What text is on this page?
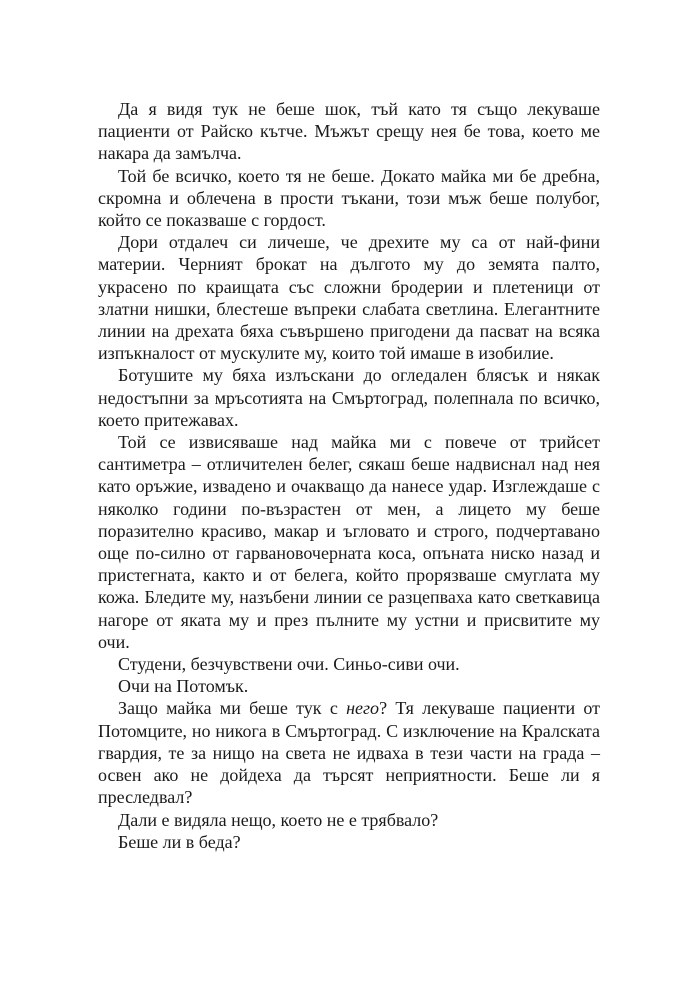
Да я видя тук не беше шок, тъй като тя също лекуваше пациенти от Райско кътче. Мъжът срещу нея бе това, което ме накара да замълча.

Той бе всичко, което тя не беше. Докато майка ми бе дребна, скромна и облечена в прости тъкани, този мъж беше полубог, който се показваше с гордост.

Дори отдалеч си личеше, че дрехите му са от най-фини материи. Черният брокат на дългото му до земята палто, украсено по краищата със сложни бродерии и плетеници от златни нишки, блестеше въпреки слабата светлина. Елегантните линии на дрехата бяха съвършено пригодени да пасват на всяка изпъкналост от мускулите му, които той имаше в изобилие.

Ботушите му бяха излъскани до огледален блясък и някак недостъпни за мръсотията на Смъртоград, полепнала по всичко, което притежавах.

Той се извисяваше над майка ми с повече от трийсет сантиметра – отличителен белег, сякаш беше надвиснал над нея като оръжие, извадено и очакващо да нанесе удар. Изглеждаше с няколко години по-възрастен от мен, а лицето му беше поразително красиво, макар и ъгловато и строго, подчертавано още по-силно от гарвановочерната коса, опъната ниско назад и пристегната, както и от белега, който прорязваше смуглата му кожа. Бледите му, назъбени линии се разцепваха като светкавица нагоре от яката му и през пълните му устни и присвитите му очи.

Студени, безчувствени очи. Синьо-сиви очи.

Очи на Потомък.

Защо майка ми беше тук с него? Тя лекуваше пациенти от Потомците, но никога в Смъртоград. С изключение на Кралската гвардия, те за нищо на света не идваха в тези части на града – освен ако не дойдеха да търсят неприятности. Беше ли я преследвал?

Дали е видяла нещо, което не е трябвало?

Беше ли в беда?
